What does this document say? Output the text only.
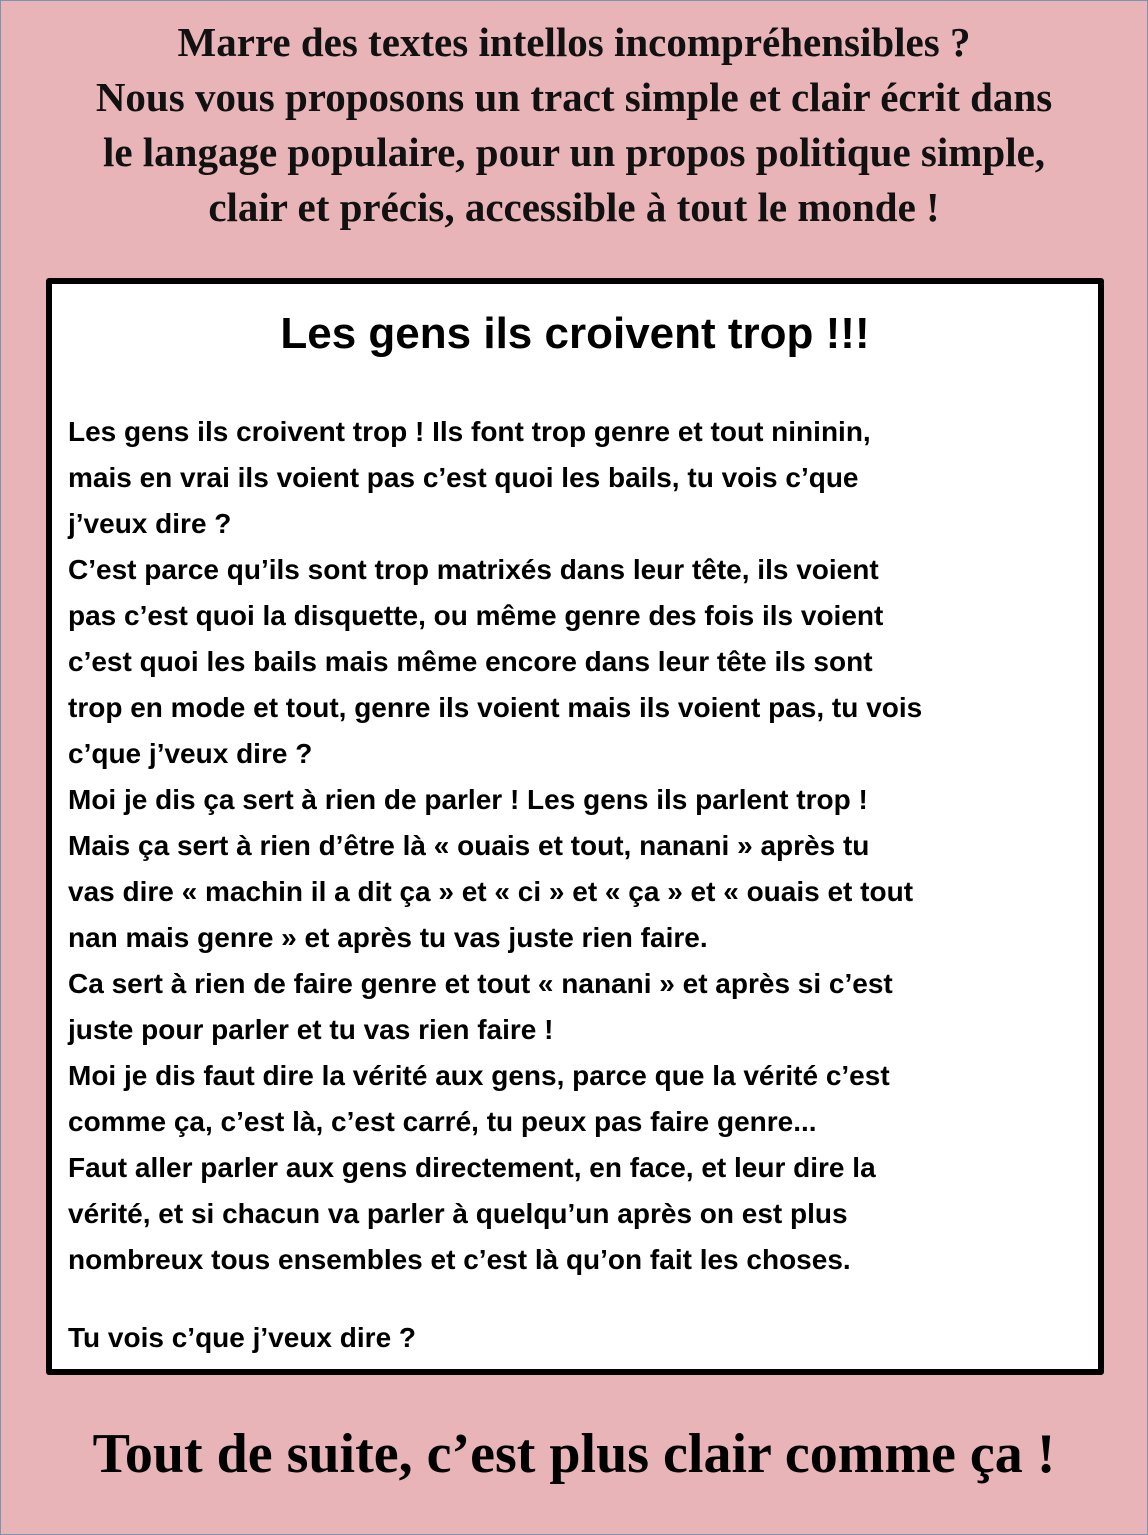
Marre des textes intellos incompréhensibles ?
Nous vous proposons un tract simple et clair écrit dans
le langage populaire, pour un propos politique simple,
clair et précis, accessible à tout le monde !
Les gens ils croivent trop !!!
Les gens ils croivent trop ! Ils font trop genre et tout nininin,
mais en vrai ils voient pas c’est quoi les bails, tu vois c’que
j’veux dire ?
C’est parce qu’ils sont trop matrixés dans leur tête, ils voient
pas c’est quoi la disquette, ou même genre des fois ils voient
c’est quoi les bails mais même encore dans leur tête ils sont
trop en mode et tout, genre ils voient mais ils voient pas, tu vois
c’que j’veux dire ?
Moi je dis ça sert à rien de parler ! Les gens ils parlent trop !
Mais ça sert à rien d’être là « ouais et tout, nanani » après tu
vas dire « machin il a dit ça » et « ci » et « ça » et « ouais et tout
nan mais genre » et après tu vas juste rien faire.
Ca sert à rien de faire genre et tout « nanani » et après si c’est
juste pour parler et tu vas rien faire !
Moi je dis faut dire la vérité aux gens, parce que la vérité c’est
comme ça, c’est là, c’est carré, tu peux pas faire genre...
Faut aller parler aux gens directement, en face, et leur dire la
vérité, et si chacun va parler à quelqu’un après on est plus
nombreux tous ensembles et c’est là qu’on fait les choses.
Tu vois c’que j’veux dire ?
Tout de suite, c’est plus clair comme ça !
